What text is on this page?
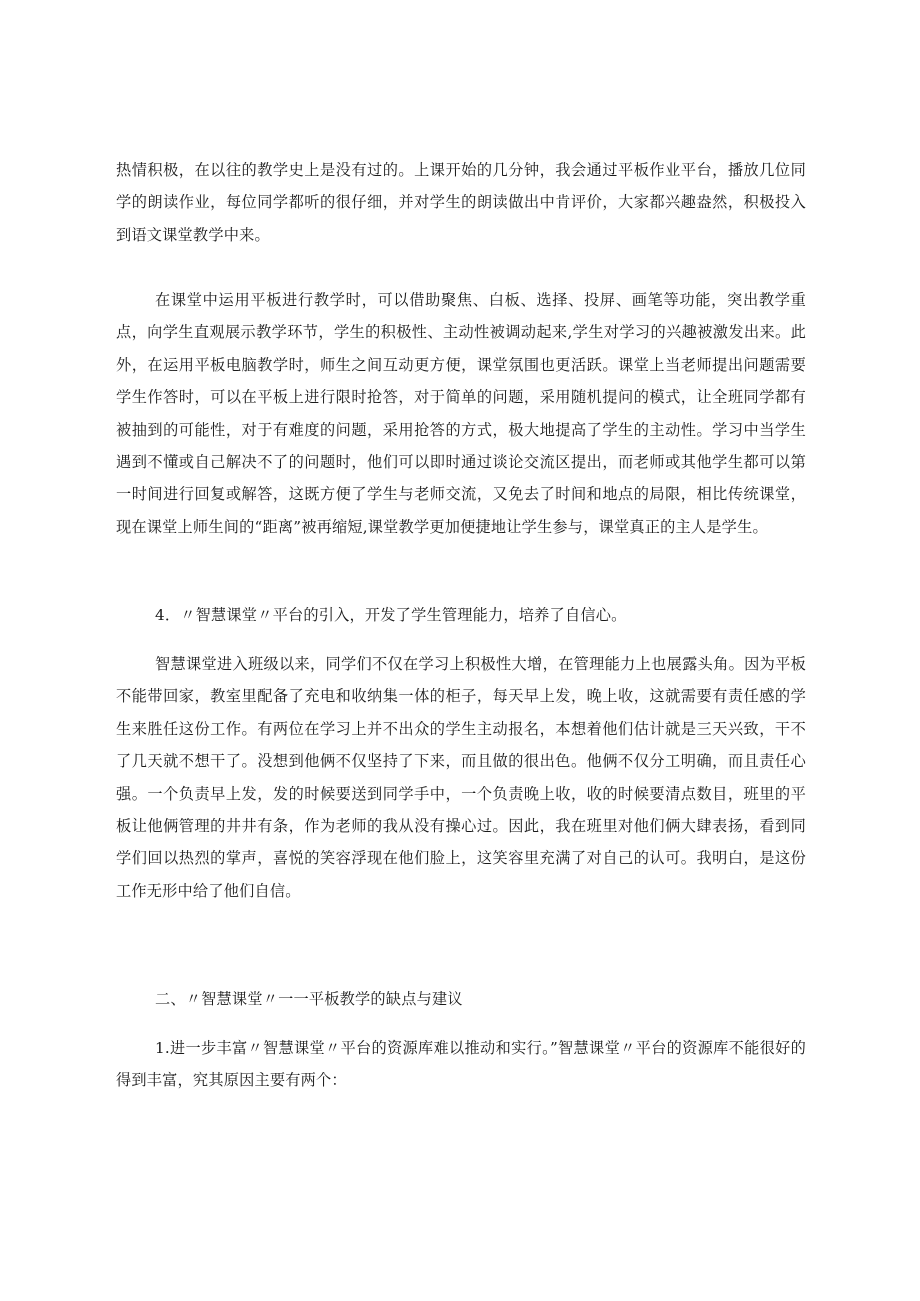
热情积极，在以往的教学史上是没有过的。上课开始的几分钟，我会通过平板作业平台，播放几位同学的朗读作业，每位同学都听的很仔细，并对学生的朗读做出中肯评价，大家都兴趣盎然，积极投入到语文课堂教学中来。

在课堂中运用平板进行教学时，可以借助聚焦、白板、选择、投屏、画笔等功能，突出教学重点，向学生直观展示教学环节，学生的积极性、主动性被调动起来,学生对学习的兴趣被激发出来。此外，在运用平板电脑教学时，师生之间互动更方便，课堂氛围也更活跃。课堂上当老师提出问题需要学生作答时，可以在平板上进行限时抢答，对于简单的问题，采用随机提问的模式，让全班同学都有被抽到的可能性，对于有难度的问题，采用抢答的方式，极大地提高了学生的主动性。学习中当学生遇到不懂或自己解决不了的问题时，他们可以即时通过谈论交流区提出，而老师或其他学生都可以第一时间进行回复或解答，这既方便了学生与老师交流，又免去了时间和地点的局限，相比传统课堂，现在课堂上师生间的“距离”被再缩短,课堂教学更加便捷地让学生参与，课堂真正的主人是学生。

4．〃智慧课堂〃平台的引入，开发了学生管理能力，培养了自信心。

智慧课堂进入班级以来，同学们不仅在学习上积极性大增，在管理能力上也展露头角。因为平板不能带回家，教室里配备了充电和收纳集一体的柜子，每天早上发，晚上收，这就需要有责任感的学生来胜任这份工作。有两位在学习上并不出众的学生主动报名，本想着他们估计就是三天兴致，干不了几天就不想干了。没想到他俩不仅坚持了下来，而且做的很出色。他俩不仅分工明确，而且责任心强。一个负责早上发，发的时候要送到同学手中，一个负责晚上收，收的时候要清点数目，班里的平板让他俩管理的井井有条，作为老师的我从没有操心过。因此，我在班里对他们俩大肆表扬，看到同学们回以热烈的掌声，喜悦的笑容浮现在他们脸上，这笑容里充满了对自己的认可。我明白，是这份工作无形中给了他们自信。

二、〃智慧课堂〃一一平板教学的缺点与建议

1.进一步丰富〃智慧课堂〃平台的资源库难以推动和实行。”智慧课堂〃平台的资源库不能很好的得到丰富，究其原因主要有两个：
